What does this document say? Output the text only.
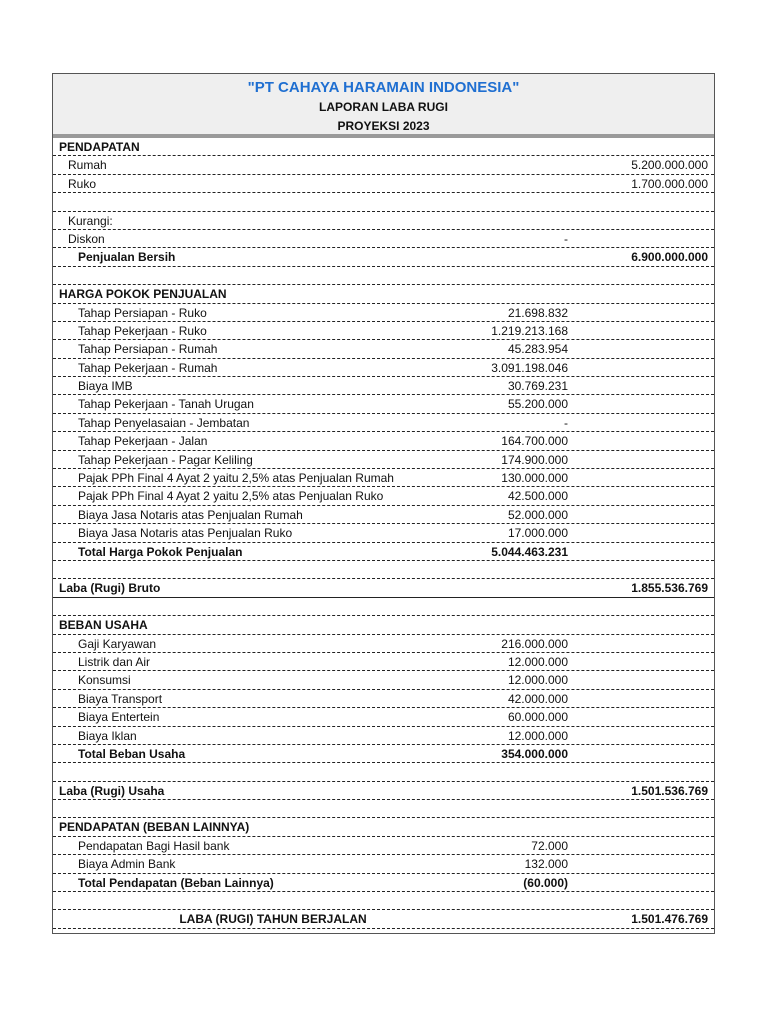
"PT CAHAYA HARAMAIN INDONESIA"
LAPORAN LABA RUGI
PROYEKSI 2023
PENDAPATAN
Rumah	5.200.000.000
Ruko	1.700.000.000
Kurangi:
Diskon	-
Penjualan Bersih	6.900.000.000
HARGA POKOK PENJUALAN
Tahap Persiapan - Ruko	21.698.832
Tahap Pekerjaan - Ruko	1.219.213.168
Tahap Persiapan - Rumah	45.283.954
Tahap Pekerjaan - Rumah	3.091.198.046
Biaya IMB	30.769.231
Tahap Pekerjaan - Tanah Urugan	55.200.000
Tahap Penyelasaian - Jembatan	-
Tahap Pekerjaan - Jalan	164.700.000
Tahap Pekerjaan - Pagar Keliling	174.900.000
Pajak PPh Final 4 Ayat 2 yaitu 2,5% atas Penjualan Rumah	130.000.000
Pajak PPh Final 4 Ayat 2 yaitu 2,5% atas Penjualan Ruko	42.500.000
Biaya Jasa Notaris atas Penjualan Rumah	52.000.000
Biaya Jasa Notaris atas Penjualan Ruko	17.000.000
Total Harga Pokok Penjualan	5.044.463.231
Laba (Rugi) Bruto	1.855.536.769
BEBAN USAHA
Gaji Karyawan	216.000.000
Listrik dan Air	12.000.000
Konsumsi	12.000.000
Biaya Transport	42.000.000
Biaya Entertein	60.000.000
Biaya Iklan	12.000.000
Total Beban Usaha	354.000.000
Laba (Rugi) Usaha	1.501.536.769
PENDAPATAN (BEBAN LAINNYA)
Pendapatan Bagi Hasil bank	72.000
Biaya Admin Bank	132.000
Total Pendapatan (Beban Lainnya)	(60.000)
LABA (RUGI) TAHUN BERJALAN	1.501.476.769
